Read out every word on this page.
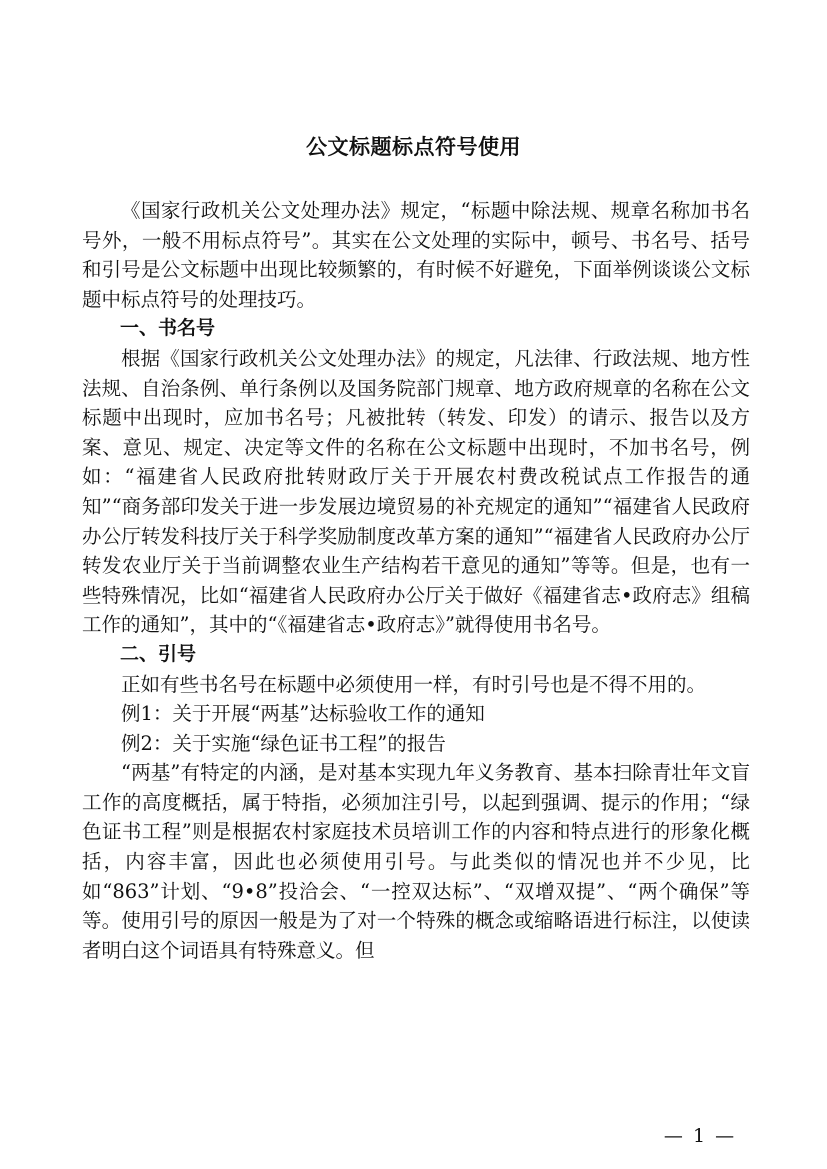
公文标题标点符号使用

《国家行政机关公文处理办法》规定，“标题中除法规、规章名称加书名号外，一般不用标点符号”。其实在公文处理的实际中，顿号、书名号、括号和引号是公文标题中出现比较频繁的，有时候不好避免，下面举例谈谈公文标题中标点符号的处理技巧。

一、书名号

根据《国家行政机关公文处理办法》的规定，凡法律、行政法规、地方性法规、自治条例、单行条例以及国务院部门规章、地方政府规章的名称在公文标题中出现时，应加书名号；凡被批转（转发、印发）的请示、报告以及方案、意见、规定、决定等文件的名称在公文标题中出现时，不加书名号，例如：“福建省人民政府批转财政厅关于开展农村费改税试点工作报告的通知”“商务部印发关于进一步发展边境贸易的补充规定的通知”“福建省人民政府办公厅转发科技厅关于科学奖励制度改革方案的通知”“福建省人民政府办公厅转发农业厅关于当前调整农业生产结构若干意见的通知”等等。但是，也有一些特殊情况，比如“福建省人民政府办公厅关于做好《福建省志•政府志》组稿工作的通知”，其中的“《福建省志•政府志》”就得使用书名号。

二、引号

正如有些书名号在标题中必须使用一样，有时引号也是不得不用的。

例1：关于开展“两基”达标验收工作的通知

例2：关于实施“绿色证书工程”的报告

“两基”有特定的内涵，是对基本实现九年义务教育、基本扫除青壮年文盲工作的高度概括，属于特指，必须加注引号，以起到强调、提示的作用；“绿色证书工程”则是根据农村家庭技术员培训工作的内容和特点进行的形象化概括，内容丰富，因此也必须使用引号。与此类似的情况也并不少见，比如“863”计划、“9•8”投洽会、“一控双达标”、“双增双提”、“两个确保”等等。使用引号的原因一般是为了对一个特殊的概念或缩略语进行标注，以使读者明白这个词语具有特殊意义。但

— 1 —
